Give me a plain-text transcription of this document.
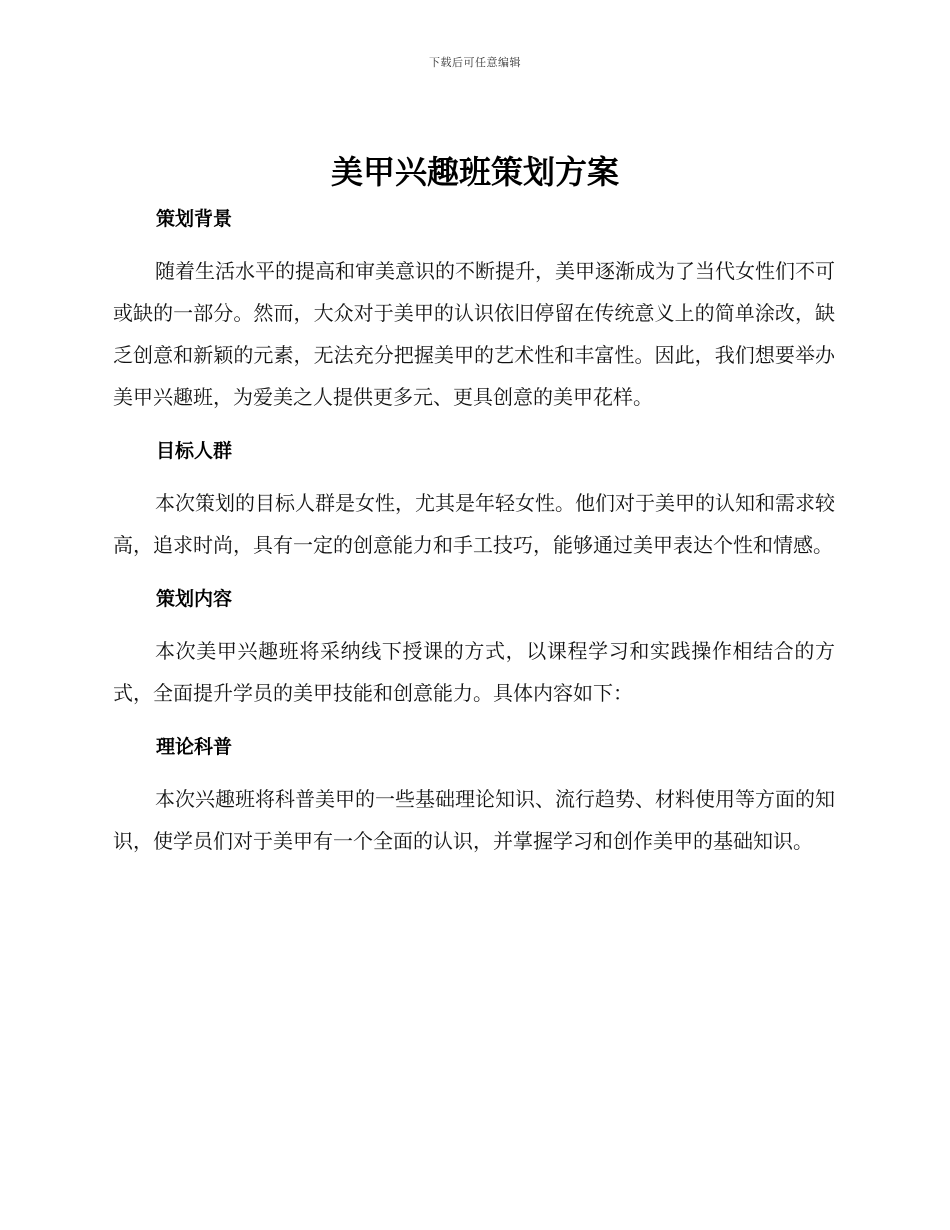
下载后可任意编辑
美甲兴趣班策划方案
策划背景

随着生活水平的提高和审美意识的不断提升，美甲逐渐成为了当代女性们不可或缺的一部分。然而，大众对于美甲的认识依旧停留在传统意义上的简单涂改，缺乏创意和新颖的元素，无法充分把握美甲的艺术性和丰富性。因此，我们想要举办美甲兴趣班，为爱美之人提供更多元、更具创意的美甲花样。

目标人群

本次策划的目标人群是女性，尤其是年轻女性。他们对于美甲的认知和需求较高，追求时尚，具有一定的创意能力和手工技巧，能够通过美甲表达个性和情感。

策划内容

本次美甲兴趣班将采纳线下授课的方式，以课程学习和实践操作相结合的方式，全面提升学员的美甲技能和创意能力。具体内容如下：

理论科普

本次兴趣班将科普美甲的一些基础理论知识、流行趋势、材料使用等方面的知识，使学员们对于美甲有一个全面的认识，并掌握学习和创作美甲的基础知识。
